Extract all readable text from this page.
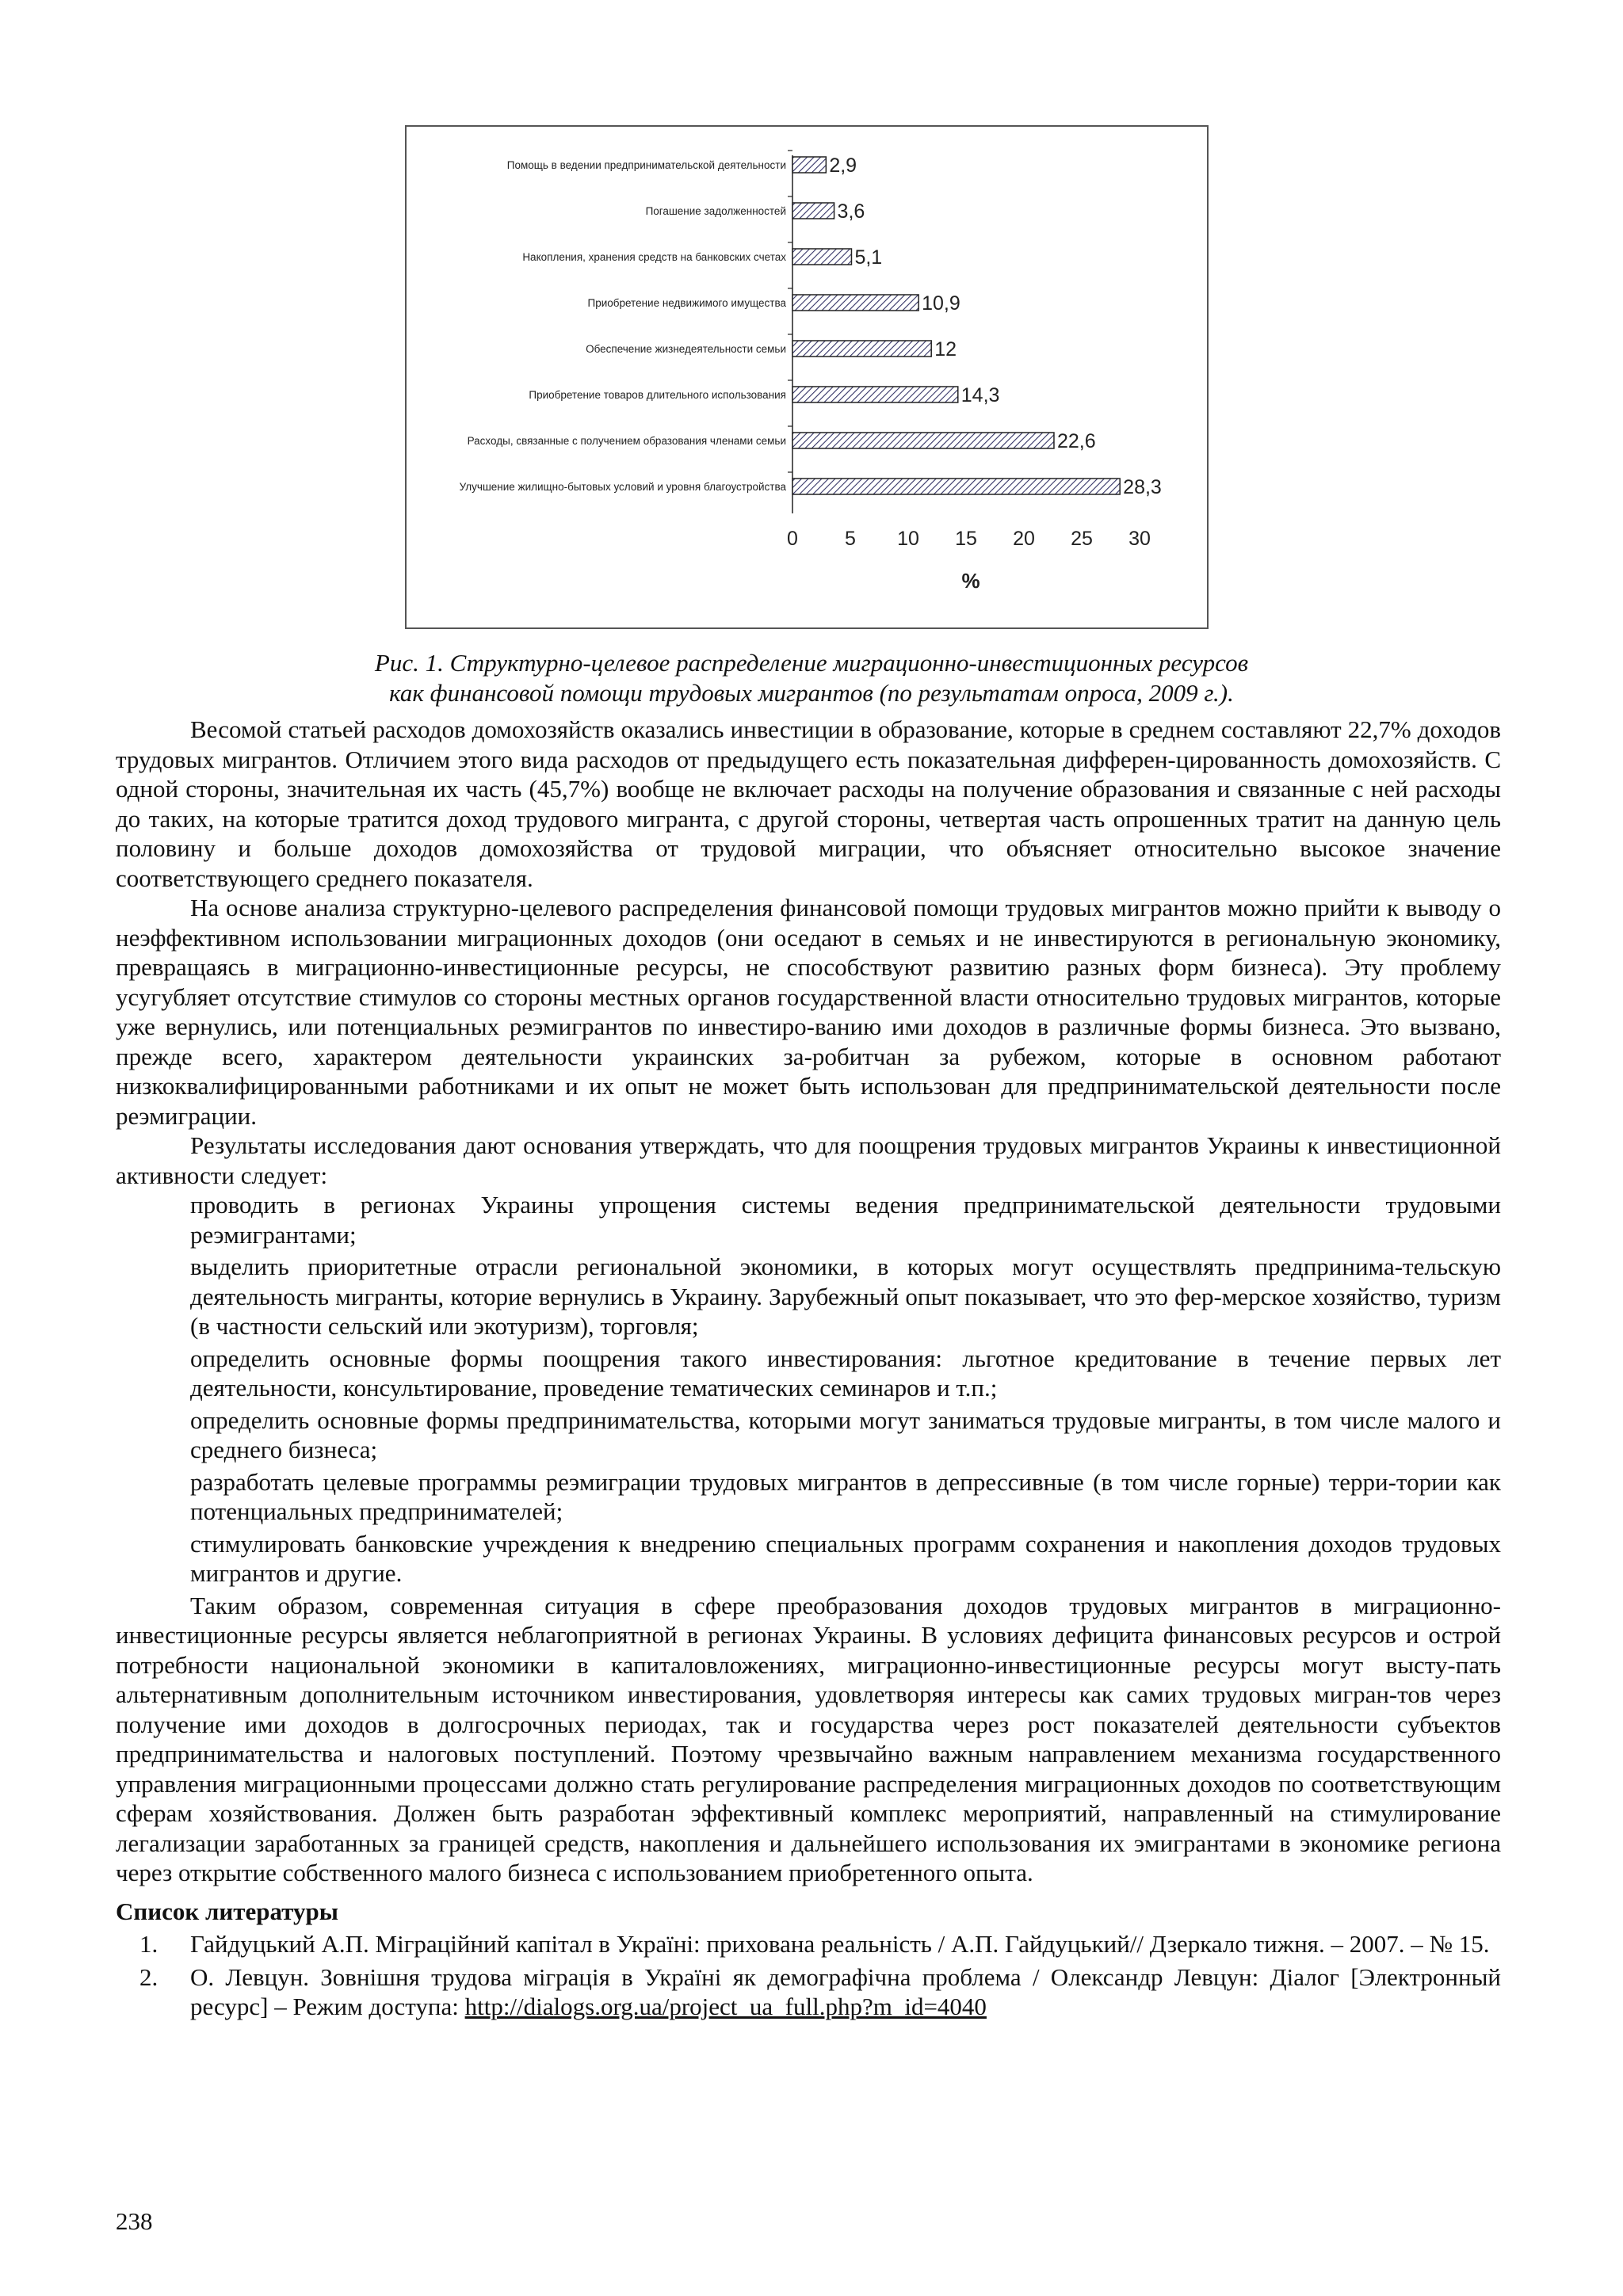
Помощь в ведении предпринимательской деятельности 2,9
Погашение задолженностей	3,6
Накопления, хранения средств на банковских счетах	5,1
Приобретение недвижимого имущества	10,9
Обеспечение жизнедеятельности семьи	12
Приобретение товаров длительного использования	14,3
Расходы, связанные с получением образования членами семьи	22,6
Улучшение жилищно-бытовых условий и уровня благоустройства	28,3
0 5 10 15 20 25 30
%
Рис. 1. Структурно-целевое распределение миграционно-инвестиционных ресурсов
как финансовой помощи трудовых мигрантов (по результатам опроса, 2009 г.).

Весомой статьей расходов домохозяйств оказались инвестиции в образование, которые в среднем составляют 22,7% доходов трудовых мигрантов. Отличием этого вида расходов от предыдущего есть показательная дифферен-цированность домохозяйств. С одной стороны, значительная их часть (45,7%) вообще не включает расходы на получение образования и связанные с ней расходы до таких, на которые тратится доход трудового мигранта, с другой стороны, четвертая часть опрошенных тратит на данную цель половину и больше доходов домохозяйства от трудовой миграции, что объясняет относительно высокое значение соответствующего среднего показателя.

На основе анализа структурно-целевого распределения финансовой помощи трудовых мигрантов можно прийти к выводу о неэффективном использовании миграционных доходов (они оседают в семьях и не инвестируются в региональную экономику, превращаясь в миграционно-инвестиционные ресурсы, не способствуют развитию разных форм бизнеса). Эту проблему усугубляет отсутствие стимулов со стороны местных органов государственной власти относительно трудовых мигрантов, которые уже вернулись, или потенциальных реэмигрантов по инвестиро-ванию ими доходов в различные формы бизнеса. Это вызвано, прежде всего, характером деятельности украинских за-робитчан за рубежом, которые в основном работают низкоквалифицированными работниками и их опыт не может быть использован для предпринимательской деятельности после реэмиграции.

Результаты исследования дают основания утверждать, что для поощрения трудовых мигрантов Украины к инвестиционной активности следует:

проводить в регионах Украины упрощения системы ведения предпринимательской деятельности трудовыми реэмигрантами;

выделить приоритетные отрасли региональной экономики, в которых могут осуществлять предпринима-тельскую деятельность мигранты, которие вернулись в Украину. Зарубежный опыт показывает, что это фер-мерское хозяйство, туризм (в частности сельский или экотуризм), торговля;

определить основные формы поощрения такого инвестирования: льготное кредитование в течение первых лет деятельности, консультирование, проведение тематических семинаров и т.п.;

определить основные формы предпринимательства, которыми могут заниматься трудовые мигранты, в том числе малого и среднего бизнеса;

разработать целевые программы реэмиграции трудовых мигрантов в депрессивные (в том числе горные) терри-тории как потенциальных предпринимателей;

стимулировать банковские учреждения к внедрению специальных программ сохранения и накопления доходов трудовых мигрантов и другие.

Таким образом, современная ситуация в сфере преобразования доходов трудовых мигрантов в миграционно-инвестиционные ресурсы является неблагоприятной в регионах Украины. В условиях дефицита финансовых ресурсов и острой потребности национальной экономики в капиталовложениях, миграционно-инвестиционные ресурсы могут высту-пать альтернативным дополнительным источником инвестирования, удовлетворяя интересы как самих трудовых мигран-тов через получение ими доходов в долгосрочных периодах, так и государства через рост показателей деятельности субъектов предпринимательства и налоговых поступлений. Поэтому чрезвычайно важным направлением механизма государственного управления миграционными процессами должно стать регулирование распределения миграционных доходов по соответствующим сферам хозяйствования. Должен быть разработан эффективный комплекс мероприятий, направленный на стимулирование легализации заработанных за границей средств, накопления и дальнейшего использования их эмигрантами в экономике региона через открытие собственного малого бизнеса с использованием приобретенного опыта.

Список литературы
1. Гайдуцький А.П. Міграційний капітал в Україні: прихована реальність / А.П. Гайдуцький// Дзеркало тижня. – 2007. – № 15.
2. О. Левцун. Зовнішня трудова міграція в Україні як демографічна проблема / Олександр Левцун: Діалог [Электронный ресурс] – Режим доступа: http://dialogs.org.ua/project_ua_full.php?m_id=4040
238
